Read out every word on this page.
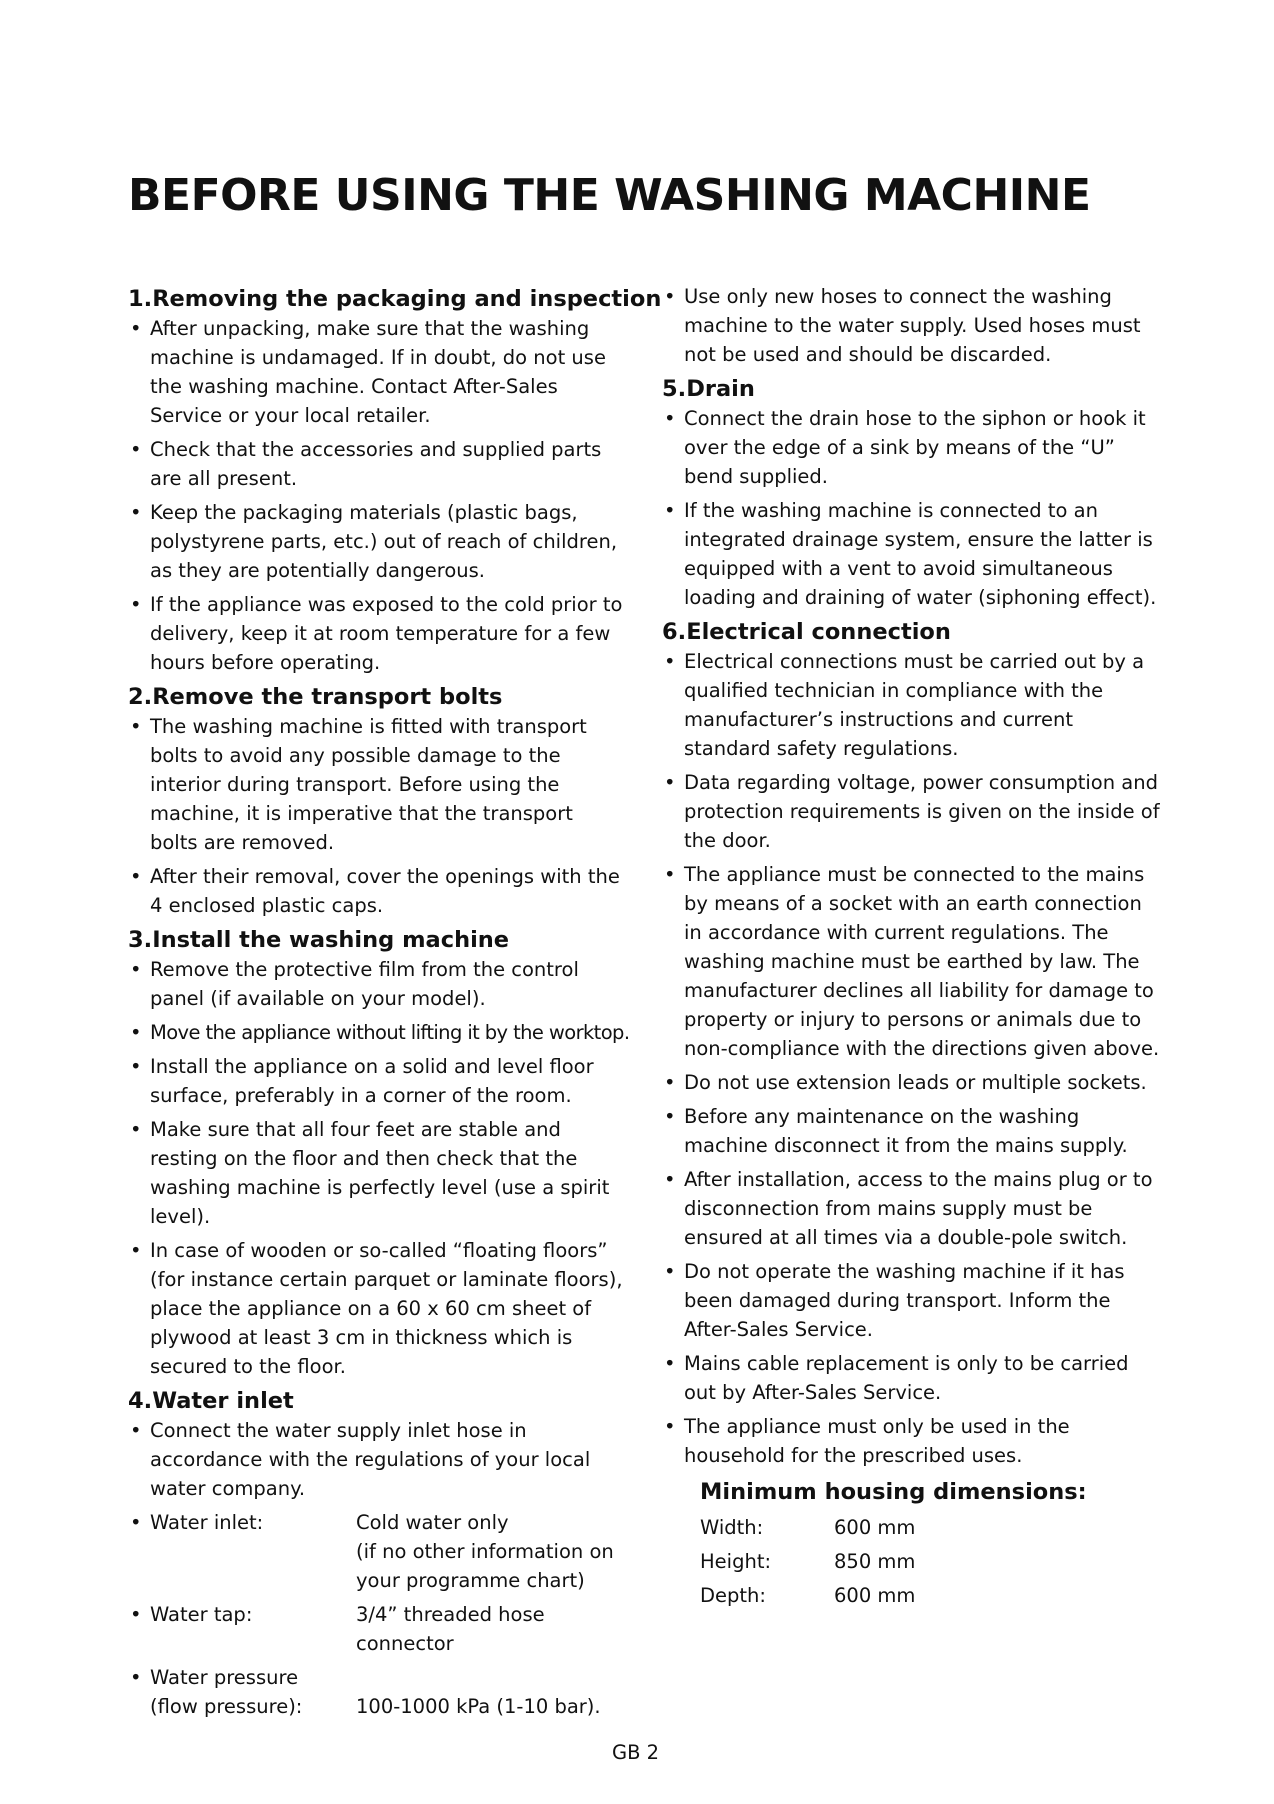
BEFORE USING THE WASHING MACHINE
1.Removing the packaging and inspection
• After unpacking, make sure that the washing machine is undamaged. If in doubt, do not use the washing machine. Contact After-Sales Service or your local retailer.
• Check that the accessories and supplied parts are all present.
• Keep the packaging materials (plastic bags, polystyrene parts, etc.) out of reach of children, as they are potentially dangerous.
• If the appliance was exposed to the cold prior to delivery, keep it at room temperature for a few hours before operating.
2.Remove the transport bolts
• The washing machine is fitted with transport bolts to avoid any possible damage to the interior during transport. Before using the machine, it is imperative that the transport bolts are removed.
• After their removal, cover the openings with the 4 enclosed plastic caps.
3.Install the washing machine
• Remove the protective film from the control panel (if available on your model).
• Move the appliance without lifting it by the worktop.
• Install the appliance on a solid and level floor surface, preferably in a corner of the room.
• Make sure that all four feet are stable and resting on the floor and then check that the washing machine is perfectly level (use a spirit level).
• In case of wooden or so-called “floating floors” (for instance certain parquet or laminate floors), place the appliance on a 60 x 60 cm sheet of plywood at least 3 cm in thickness which is secured to the floor.
4.Water inlet
• Connect the water supply inlet hose in accordance with the regulations of your local water company.
• Water inlet:	Cold water only
(if no other information on your programme chart)
• Water tap:	3/4” threaded hose connector
• Water pressure
(flow pressure):	100-1000 kPa (1-10 bar).
• Use only new hoses to connect the washing machine to the water supply. Used hoses must not be used and should be discarded.
5.Drain
• Connect the drain hose to the siphon or hook it over the edge of a sink by means of the “U” bend supplied.
• If the washing machine is connected to an integrated drainage system, ensure the latter is equipped with a vent to avoid simultaneous loading and draining of water (siphoning effect).
6.Electrical connection
• Electrical connections must be carried out by a qualified technician in compliance with the manufacturer’s instructions and current standard safety regulations.
• Data regarding voltage, power consumption and protection requirements is given on the inside of the door.
• The appliance must be connected to the mains by means of a socket with an earth connection in accordance with current regulations. The washing machine must be earthed by law. The manufacturer declines all liability for damage to property or injury to persons or animals due to non-compliance with the directions given above.
• Do not use extension leads or multiple sockets.
• Before any maintenance on the washing machine disconnect it from the mains supply.
• After installation, access to the mains plug or to disconnection from mains supply must be ensured at all times via a double-pole switch.
• Do not operate the washing machine if it has been damaged during transport. Inform the After-Sales Service.
• Mains cable replacement is only to be carried out by After-Sales Service.
• The appliance must only be used in the household for the prescribed uses.
Minimum housing dimensions:
Width:	600 mm
Height:	850 mm
Depth:	600 mm
GB 2
